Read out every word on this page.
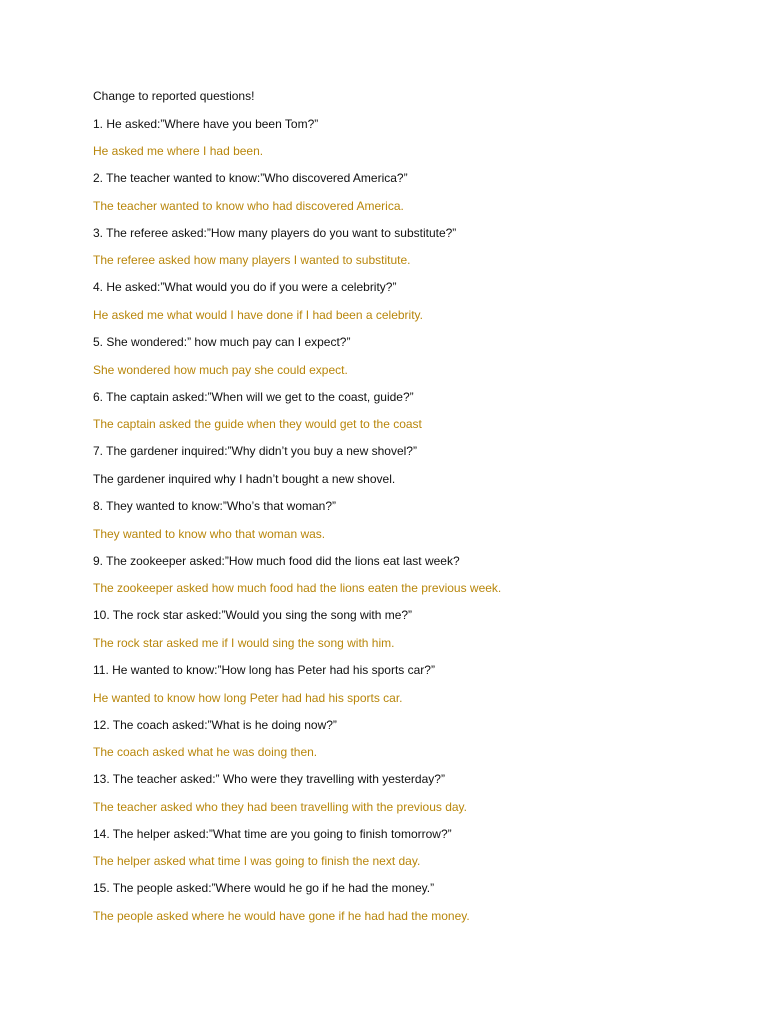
Change to reported questions!
1. He asked:”Where have you been Tom?”
He asked me where I had been.
2. The teacher wanted to know:”Who discovered America?”
The teacher wanted to know who had discovered America.
3. The referee asked:”How many players do you want to substitute?”
The referee asked how many players I wanted to substitute.
4. He asked:”What would you do if you were a celebrity?”
He asked me what would I have done if I had been a celebrity.
5. She wondered:” how much pay can I expect?”
She wondered how much pay she could expect.
6. The captain asked:”When will we get to the coast, guide?”
The captain asked the guide when they would get to the coast
7. The gardener inquired:”Why didn’t you buy a new shovel?”
The gardener inquired why I hadn’t bought a new shovel.
8. They wanted to know:”Who’s that woman?”
They wanted to know who that woman was.
9. The zookeeper asked:”How much food did the lions eat last week?
The zookeeper asked how much food had the lions eaten the previous week.
10. The rock star asked:”Would you sing the song with me?”
The rock star asked me if I would sing the song with him.
11. He wanted to know:”How long has Peter had his sports car?”
He wanted to know how long Peter had had his sports car.
12. The coach asked:”What is he doing now?”
The coach asked what he was doing then.
13. The teacher asked:” Who were they travelling with yesterday?”
The teacher asked who they had been travelling with the previous day.
14. The helper asked:”What time are you going to finish tomorrow?”
The helper asked what time I was going to finish the next day.
15. The people asked:”Where would he go if he had the money.”
The people asked where he would have gone if he had had the money.
